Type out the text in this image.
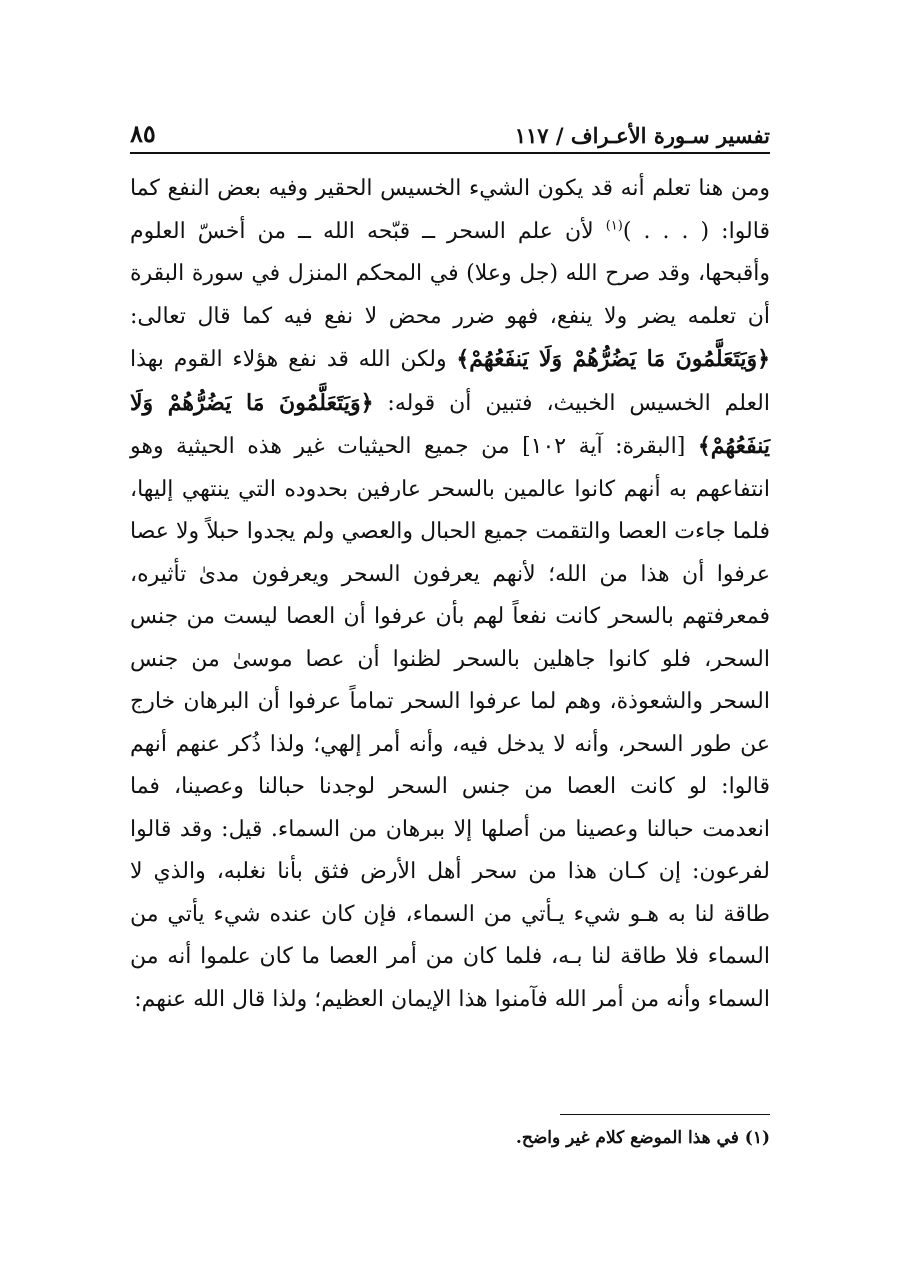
تفسير سـورة الأعـراف / ١١٧
٨٥

ومن هنا تعلم أنه قد يكون الشيء الخسيس الحقير وفيه بعض النفع كما قالوا: ( . . . )$^{(١)}$ لأن علم السحر ــ قبّحه الله ــ من أخسّ العلوم وأقبحها، وقد صرح الله (جل وعلا) في المحكم المنزل في سورة البقرة أن تعلمه يضر ولا ينفع، فهو ضرر محض لا نفع فيه كما قال تعالى: ﴿وَيَتَعَلَّمُونَ مَا يَضُرُّهُمْ وَلَا يَنفَعُهُمْ﴾ ولكن الله قد نفع هؤلاء القوم بهذا العلم الخسيس الخبيث، فتبين أن قوله: ﴿وَيَتَعَلَّمُونَ مَا يَضُرُّهُمْ وَلَا يَنفَعُهُمْ﴾ [البقرة: آية ١٠٢] من جميع الحيثيات غير هذه الحيثية وهو انتفاعهم به أنهم كانوا عالمين بالسحر عارفين بحدوده التي ينتهي إليها، فلما جاءت العصا والتقمت جميع الحبال والعصي ولم يجدوا حبلاً ولا عصا عرفوا أن هذا من الله؛ لأنهم يعرفون السحر ويعرفون مدىٰ تأثيره، فمعرفتهم بالسحر كانت نفعاً لهم بأن عرفوا أن العصا ليست من جنس السحر، فلو كانوا جاهلين بالسحر لظنوا أن عصا موسىٰ من جنس السحر والشعوذة، وهم لما عرفوا السحر تماماً عرفوا أن البرهان خارج عن طور السحر، وأنه لا يدخل فيه، وأنه أمر إلهي؛ ولذا ذُكر عنهم أنهم قالوا: لو كانت العصا من جنس السحر لوجدنا حبالنا وعصينا، فما انعدمت حبالنا وعصينا من أصلها إلا ببرهان من السماء. قيل: وقد قالوا لفرعون: إن كـان هذا من سحر أهل الأرض فثق بأنا نغلبه، والذي لا طاقة لنا به هـو شيء يـأتي من السماء، فإن كان عنده شيء يأتي من السماء فلا طاقة لنا بـه، فلما كان من أمر العصا ما كان علموا أنه من السماء وأنه من أمر الله فآمنوا هذا الإيمان العظيم؛ ولذا قال الله عنهم:

(١) في هذا الموضع كلام غير واضح.
